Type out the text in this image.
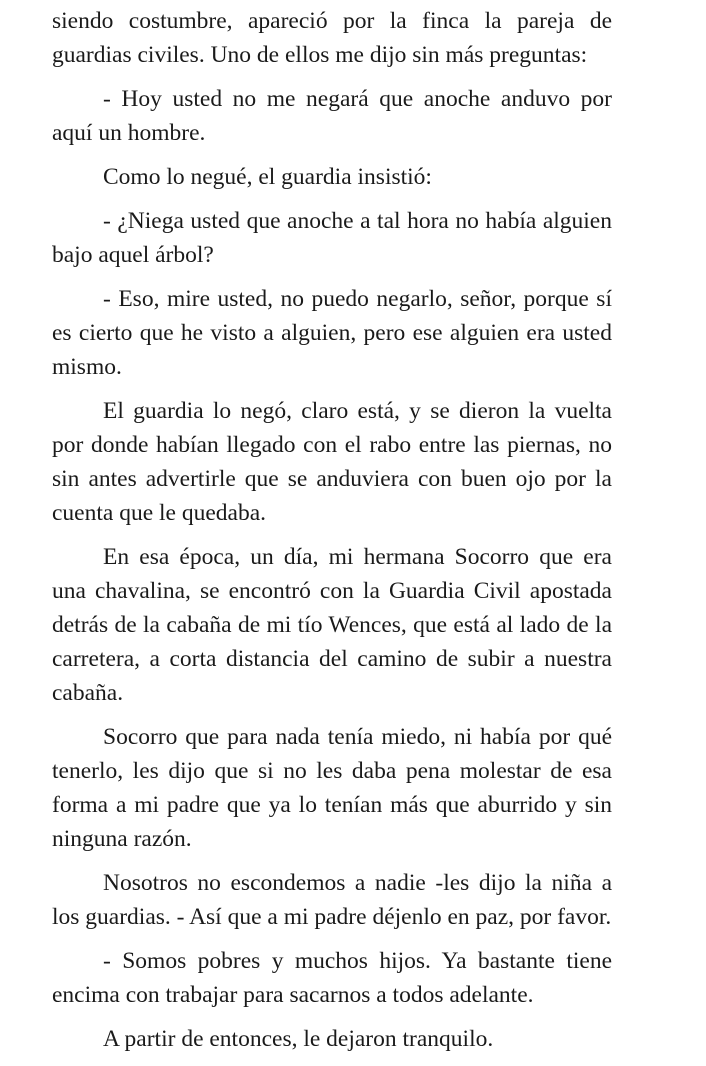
siendo costumbre, apareció por la finca la pareja de guardias civiles. Uno de ellos me dijo sin más preguntas:

- Hoy usted no me negará que anoche anduvo por aquí un hombre.

Como lo negué, el guardia insistió:

- ¿Niega usted que anoche a tal hora no había alguien bajo aquel árbol?

- Eso, mire usted, no puedo negarlo, señor, porque sí es cierto que he visto a alguien, pero ese alguien era usted mismo.

El guardia lo negó, claro está, y se dieron la vuelta por donde habían llegado con el rabo entre las piernas, no sin antes advertirle que se anduviera con buen ojo por la cuenta que le quedaba.

En esa época, un día, mi hermana Socorro que era una chavalina, se encontró con la Guardia Civil apostada detrás de la cabaña de mi tío Wences, que está al lado de la carretera, a corta distancia del camino de subir a nuestra cabaña.

Socorro que para nada tenía miedo, ni había por qué tenerlo, les dijo que si no les daba pena molestar de esa forma a mi padre que ya lo tenían más que aburrido y sin ninguna razón.

Nosotros no escondemos a nadie -les dijo la niña a los guardias. - Así que a mi padre déjenlo en paz, por favor.

- Somos pobres y muchos hijos. Ya bastante tiene encima con trabajar para sacarnos a todos adelante.

A partir de entonces, le dejaron tranquilo.
